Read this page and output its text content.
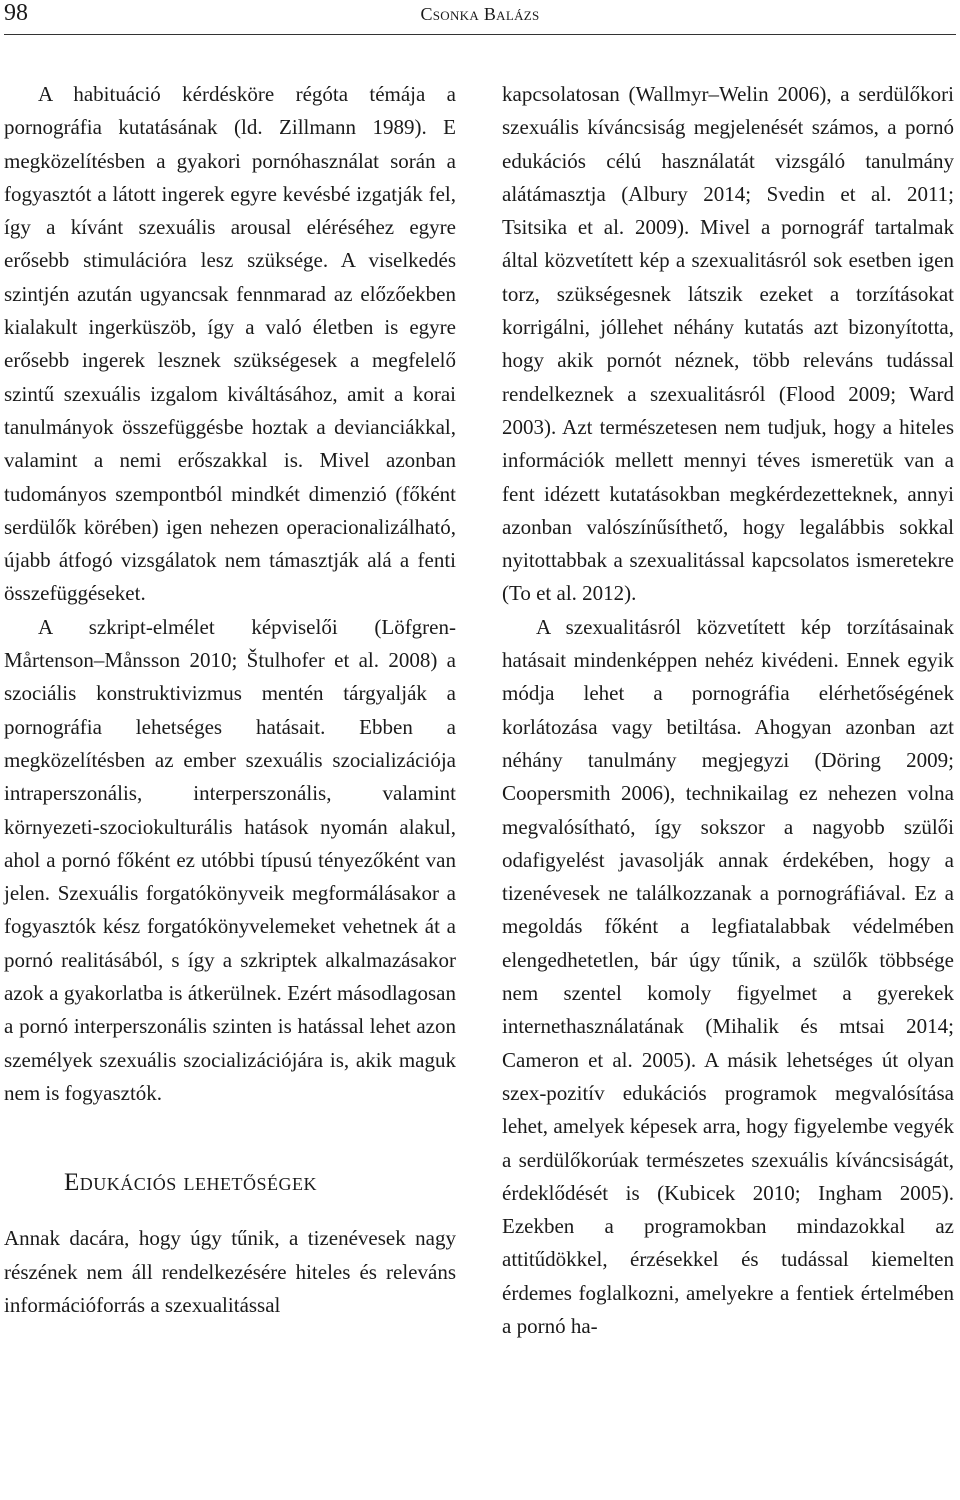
98	Csonka Balázs

A habituáció kérdésköre régóta témája a pornográfia kutatásának (ld. Zillmann 1989). E megközelítésben a gyakori pornóhasználat során a fogyasztót a látott ingerek egyre kevésbé izgatják fel, így a kívánt szexuális arousal eléréséhez egyre erősebb stimulációra lesz szüksége. A viselkedés szintjén azután ugyancsak fennmarad az előzőekben kialakult ingerküszöb, így a való életben is egyre erősebb ingerek lesznek szükségesek a megfelelő szintű szexuális izgalom kiváltásához, amit a korai tanulmányok összefüggésbe hoztak a devianciákkal, valamint a nemi erőszakkal is. Mivel azonban tudományos szempontból mindkét dimenzió (főként serdülők körében) igen nehezen operacionalizálható, újabb átfogó vizsgálatok nem támasztják alá a fenti összefüggéseket.

A szkript-elmélet képviselői (Löfgren-Mårtenson–Månsson 2010; Štulhofer et al. 2008) a szociális konstruktivizmus mentén tárgyalják a pornográfia lehetséges hatásait. Ebben a megközelítésben az ember szexuális szocializációja intraperszonális, interperszonális, valamint környezeti-szociokulturális hatások nyomán alakul, ahol a pornó főként ez utóbbi típusú tényezőként van jelen. Szexuális forgatókönyveik megformálásakor a fogyasztók kész forgatókönyvelemeket vehetnek át a pornó realitásából, s így a szkriptek alkalmazásakor azok a gyakorlatba is átkerülnek. Ezért másodlagosan a pornó interperszonális szinten is hatással lehet azon személyek szexuális szocializációjára is, akik maguk nem is fogyasztók.

Edukációs lehetőségek

Annak dacára, hogy úgy tűnik, a tizenévesek nagy részének nem áll rendelkezésére hiteles és releváns információforrás a szexualitással

kapcsolatosan (Wallmyr–Welin 2006), a serdülőkori szexuális kíváncsiság megjelenését számos, a pornó edukációs célú használatát vizsgáló tanulmány alátámasztja (Albury 2014; Svedin et al. 2011; Tsitsika et al. 2009). Mivel a pornográf tartalmak által közvetített kép a szexualitásról sok esetben igen torz, szükségesnek látszik ezeket a torzításokat korrigálni, jóllehet néhány kutatás azt bizonyította, hogy akik pornót néznek, több releváns tudással rendelkeznek a szexualitásról (Flood 2009; Ward 2003). Azt természetesen nem tudjuk, hogy a hiteles információk mellett mennyi téves ismeretük van a fent idézett kutatásokban megkérdezetteknek, annyi azonban valószínűsíthető, hogy legalábbis sokkal nyitottabbak a szexualitással kapcsolatos ismeretekre (To et al. 2012).

A szexualitásról közvetített kép torzításainak hatásait mindenképpen nehéz kivédeni. Ennek egyik módja lehet a pornográfia elérhetőségének korlátozása vagy betiltása. Ahogyan azonban azt néhány tanulmány megjegyzi (Döring 2009; Coopersmith 2006), technikailag ez nehezen volna megvalósítható, így sokszor a nagyobb szülői odafigyelést javasolják annak érdekében, hogy a tizenévesek ne találkozzanak a pornográfiával. Ez a megoldás főként a legfiatalabbak védelmében elengedhetetlen, bár úgy tűnik, a szülők többsége nem szentel komoly figyelmet a gyerekek internethasználatának (Mihalik és mtsai 2014; Cameron et al. 2005). A másik lehetséges út olyan szex-pozitív edukációs programok megvalósítása lehet, amelyek képesek arra, hogy figyelembe vegyék a serdülőkorúak természetes szexuális kíváncsiságát, érdeklődését is (Kubicek 2010; Ingham 2005). Ezekben a programokban mindazokkal az attitűdökkel, érzésekkel és tudással kiemelten érdemes foglalkozni, amelyekre a fentiek értelmében a pornó ha-
